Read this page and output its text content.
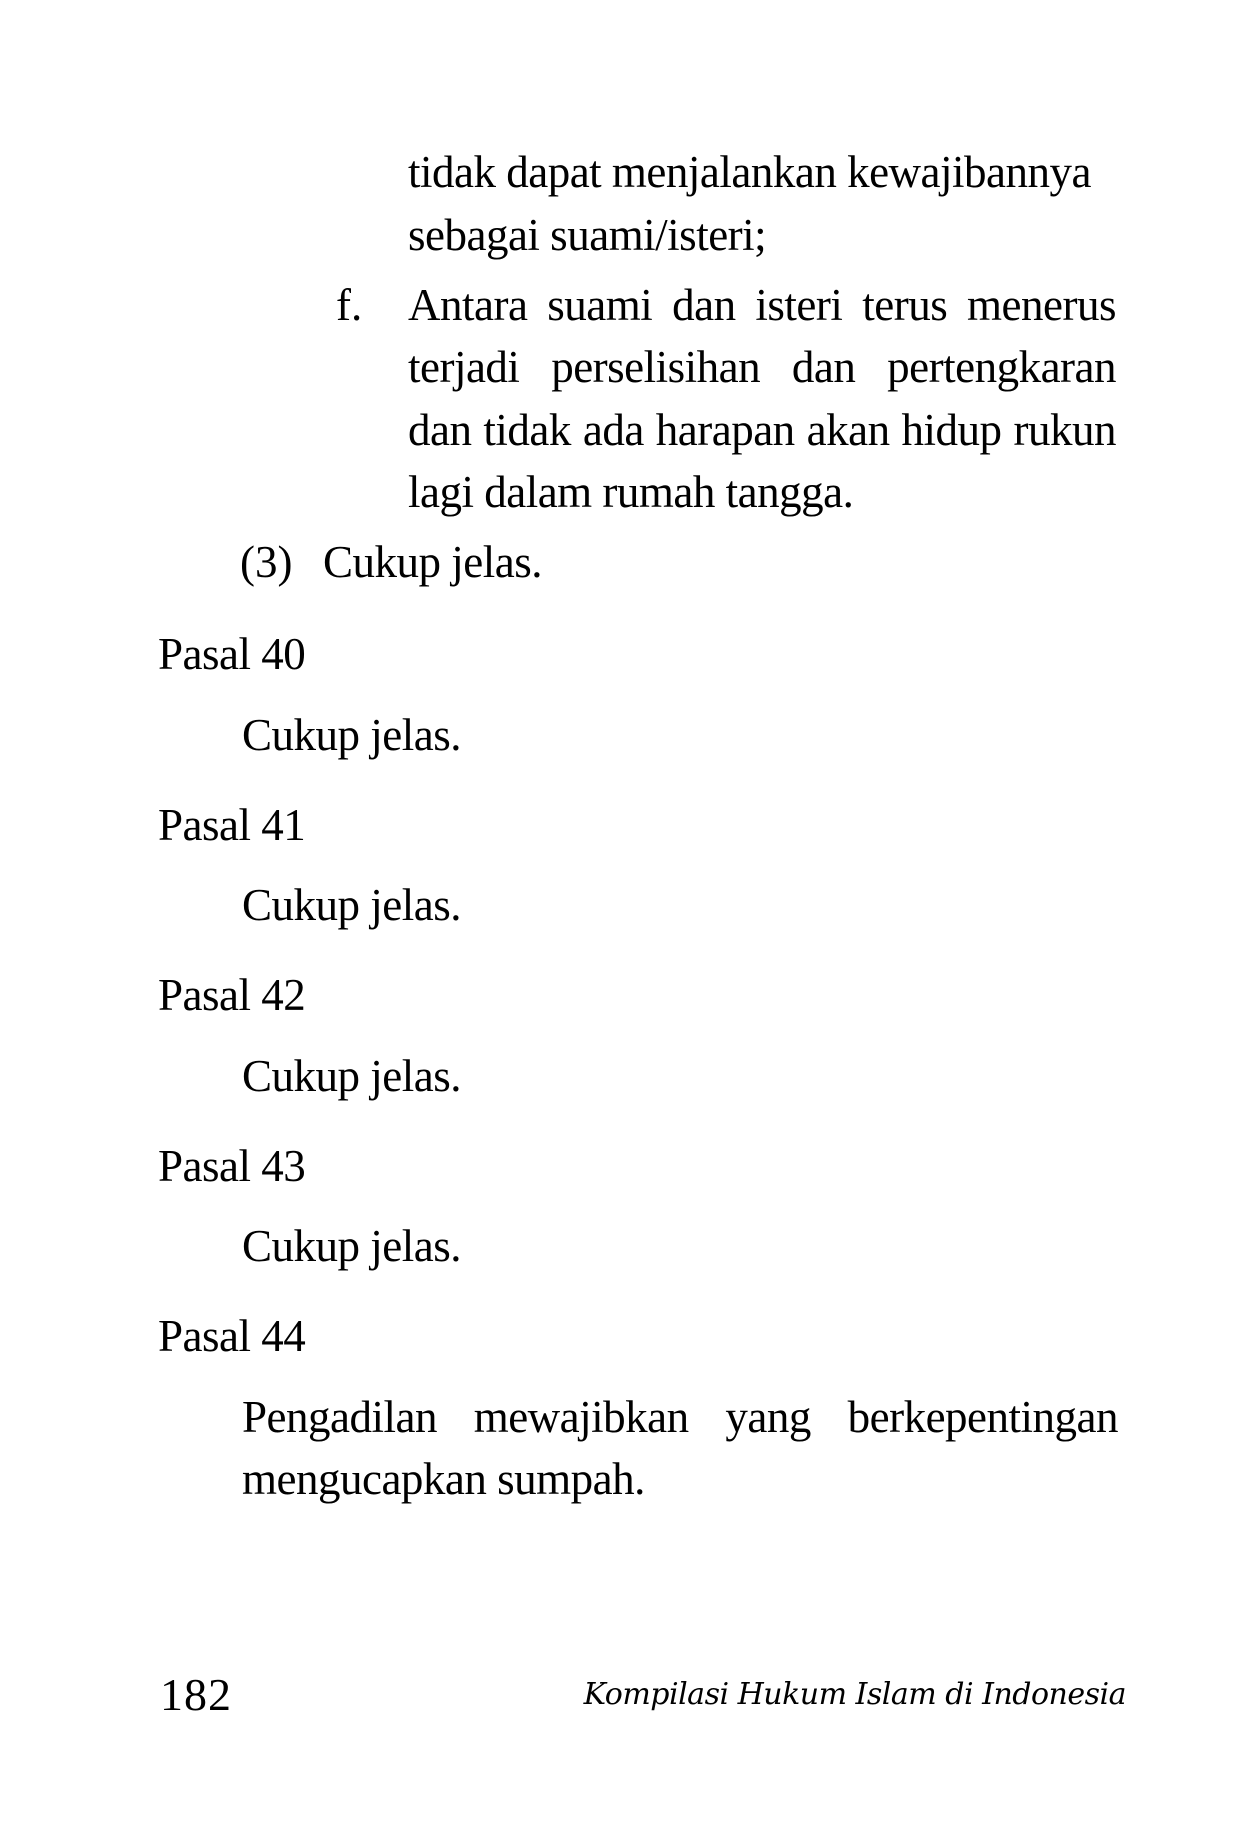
tidak dapat menjalankan kewajibannya
sebagai suami/isteri;
f. Antara suami dan isteri terus menerus
terjadi perselisihan dan pertengkaran
dan tidak ada harapan akan hidup rukun
lagi dalam rumah tangga.
(3) Cukup jelas.
Pasal 40
Cukup jelas.
Pasal 41
Cukup jelas.
Pasal 42
Cukup jelas.
Pasal 43
Cukup jelas.
Pasal 44
Pengadilan mewajibkan yang berkepentingan
mengucapkan sumpah.
182	Kompilasi Hukum Islam di Indonesia
